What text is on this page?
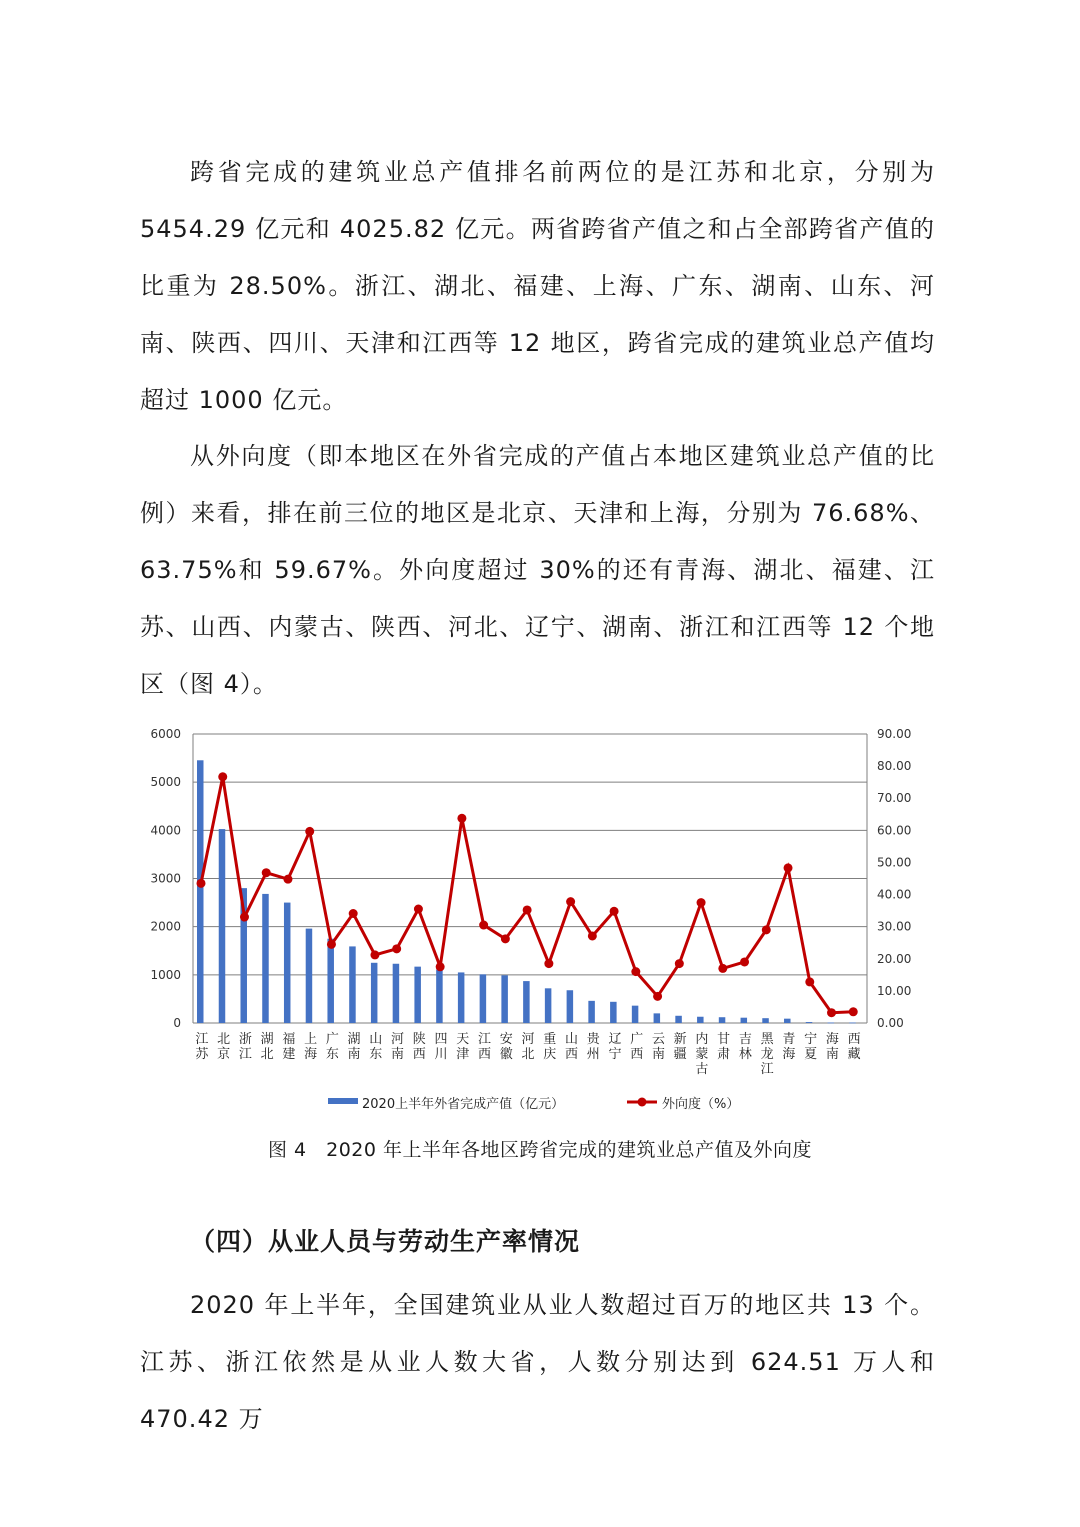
跨省完成的建筑业总产值排名前两位的是江苏和北京，分别为 5454.29 亿元和 4025.82 亿元。两省跨省产值之和占全部跨省产值的比重为 28.50%。浙江、湖北、福建、上海、广东、湖南、山东、河南、陕西、四川、天津和江西等 12 地区，跨省完成的建筑业总产值均超过 1000 亿元。

从外向度（即本地区在外省完成的产值占本地区建筑业总产值的比例）来看，排在前三位的地区是北京、天津和上海，分别为 76.68%、63.75%和 59.67%。外向度超过 30%的还有青海、湖北、福建、江苏、山西、内蒙古、陕西、河北、辽宁、湖南、浙江和江西等 12 个地区（图 4）。

0
1000
2000
3000
4000
5000
6000
0.00
10.00
20.00
30.00
40.00
50.00
60.00
70.00
80.00
90.00
江苏
北京
浙江
湖北
福建
上海
广东
湖南
山东
河南
陕西
四川
天津
江西
安徽
河北
重庆
山西
贵州
辽宁
广西
云南
新疆
内蒙古
甘肃
吉林
黑龙江
青海
宁夏
海南
西藏
2020上半年外省完成产值（亿元）	外向度（%）
图 4　2020 年上半年各地区跨省完成的建筑业总产值及外向度
（四）从业人员与劳动生产率情况

2020 年上半年，全国建筑业从业人数超过百万的地区共 13 个。江苏、浙江依然是从业人数大省，人数分别达到 624.51 万人和 470.42 万
